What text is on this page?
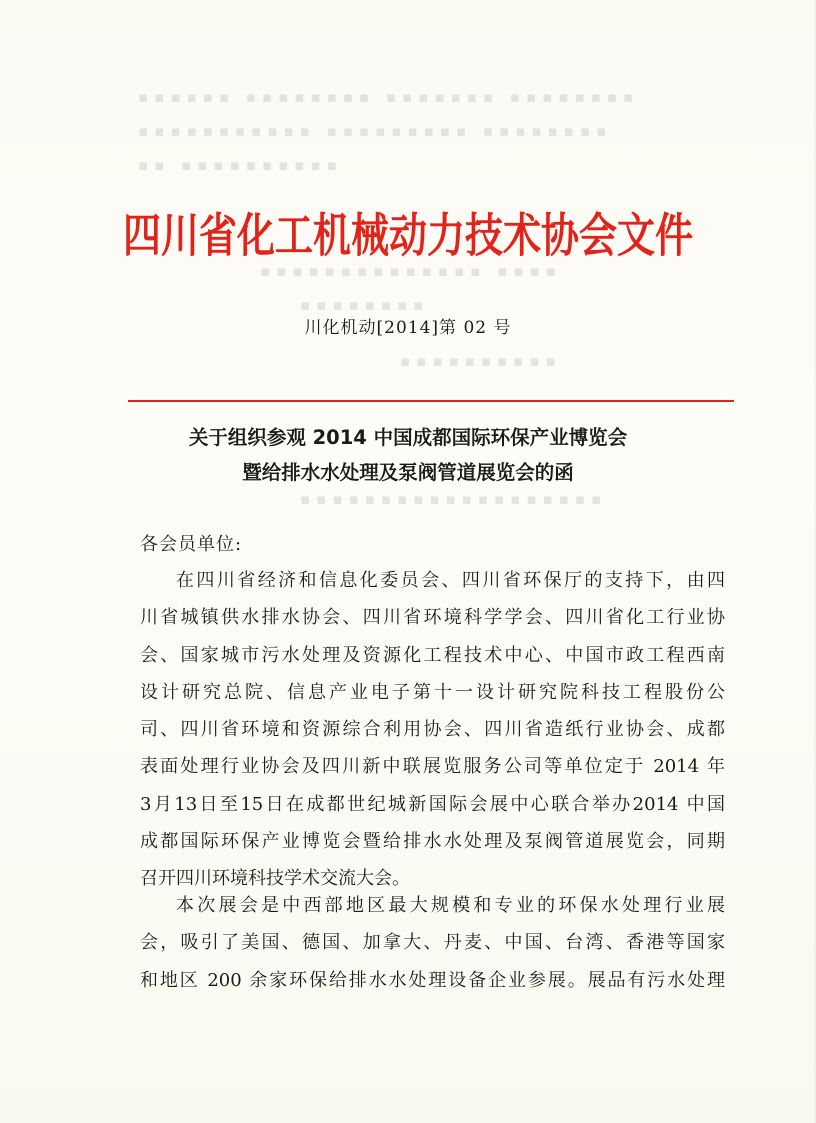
▪▪▪▪▪▪ ▪▪▪▪▪▪▪▪ ▪▪▪▪▪▪▪ ▪▪▪▪▪▪▪▪
▪▪▪▪▪▪▪▪▪▪▪ ▪▪▪▪▪▪▪▪▪ ▪▪▪▪▪▪▪▪
▪▪ ▪▪▪▪▪▪▪▪▪▪
▪▪▪▪▪▪▪▪▪▪▪▪▪▪ ▪▪▪▪
▪▪▪▪▪▪▪▪
▪▪▪▪▪▪▪▪▪▪
▪▪▪▪▪▪▪▪▪▪▪▪▪▪▪▪▪▪▪
四川省化工机械动力技术协会文件
川化机动[2014]第 02 号
关于组织参观 2014 中国成都国际环保产业博览会
暨给排水水处理及泵阀管道展览会的函
各会员单位:
在四川省经济和信息化委员会、四川省环保厅的支持下，由四
川省城镇供水排水协会、四川省环境科学学会、四川省化工行业协
会、国家城市污水处理及资源化工程技术中心、中国市政工程西南
设计研究总院、信息产业电子第十一设计研究院科技工程股份公
司、四川省环境和资源综合利用协会、四川省造纸行业协会、成都
表面处理行业协会及四川新中联展览服务公司等单位定于 2014 年
3月13日至15日在成都世纪城新国际会展中心联合举办2014 中国
成都国际环保产业博览会暨给排水水处理及泵阀管道展览会，同期
召开四川环境科技学术交流大会。
本次展会是中西部地区最大规模和专业的环保水处理行业展
会，吸引了美国、德国、加拿大、丹麦、中国、台湾、香港等国家
和地区 200 余家环保给排水水处理设备企业参展。展品有污水处理
